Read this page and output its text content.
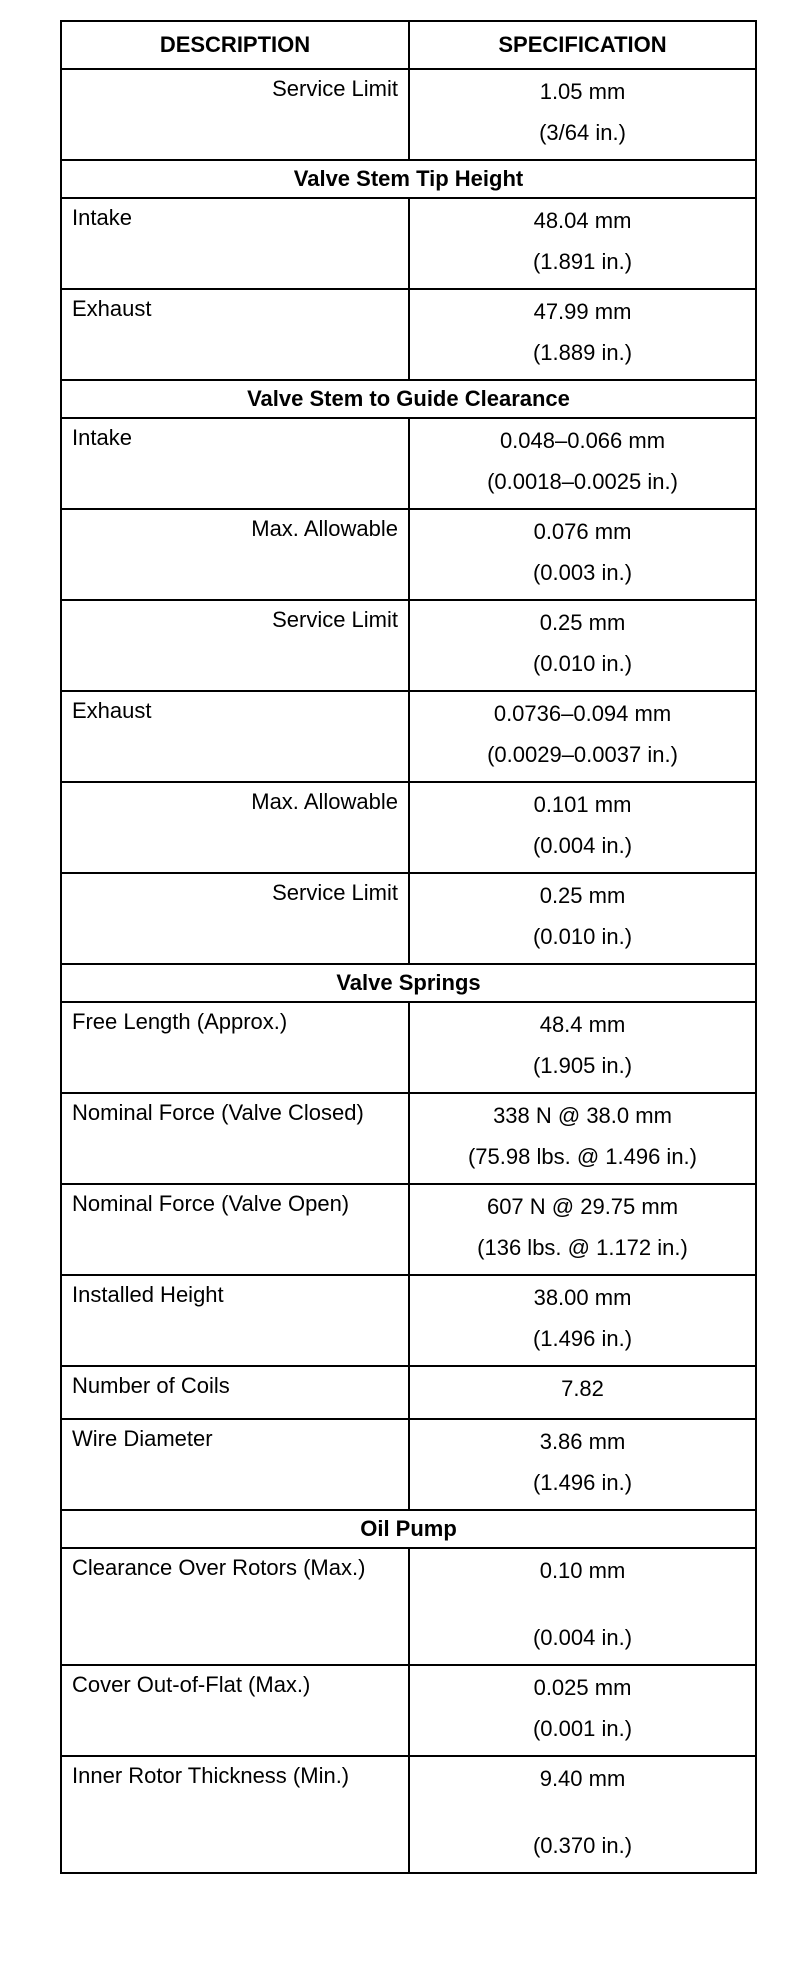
DESCRIPTION	SPECIFICATION

Service Limit	1.05 mm
(3/64 in.)

Valve Stem Tip Height	

Intake	48.04 mm
(1.891 in.)

Exhaust	47.99 mm
(1.889 in.)

Valve Stem to Guide Clearance	

Intake	0.048–0.066 mm
(0.0018–0.0025 in.)

Max. Allowable	0.076 mm
(0.003 in.)

Service Limit	0.25 mm
(0.010 in.)

Exhaust	0.0736–0.094 mm
(0.0029–0.0037 in.)

Max. Allowable	0.101 mm
(0.004 in.)

Service Limit	0.25 mm
(0.010 in.)

Valve Springs	

Free Length (Approx.)	48.4 mm
(1.905 in.)

Nominal Force (Valve Closed)	338 N @ 38.0 mm
(75.98 lbs. @ 1.496 in.)

Nominal Force (Valve Open)	607 N @ 29.75 mm
(136 lbs. @ 1.172 in.)

Installed Height	38.00 mm
(1.496 in.)

Number of Coils	7.82

Wire Diameter	3.86 mm
(1.496 in.)

Oil Pump	

Clearance Over Rotors (Max.)	0.10 mm
(0.004 in.)

Cover Out-of-Flat (Max.)	0.025 mm
(0.001 in.)

Inner Rotor Thickness (Min.)	9.40 mm
(0.370 in.)
